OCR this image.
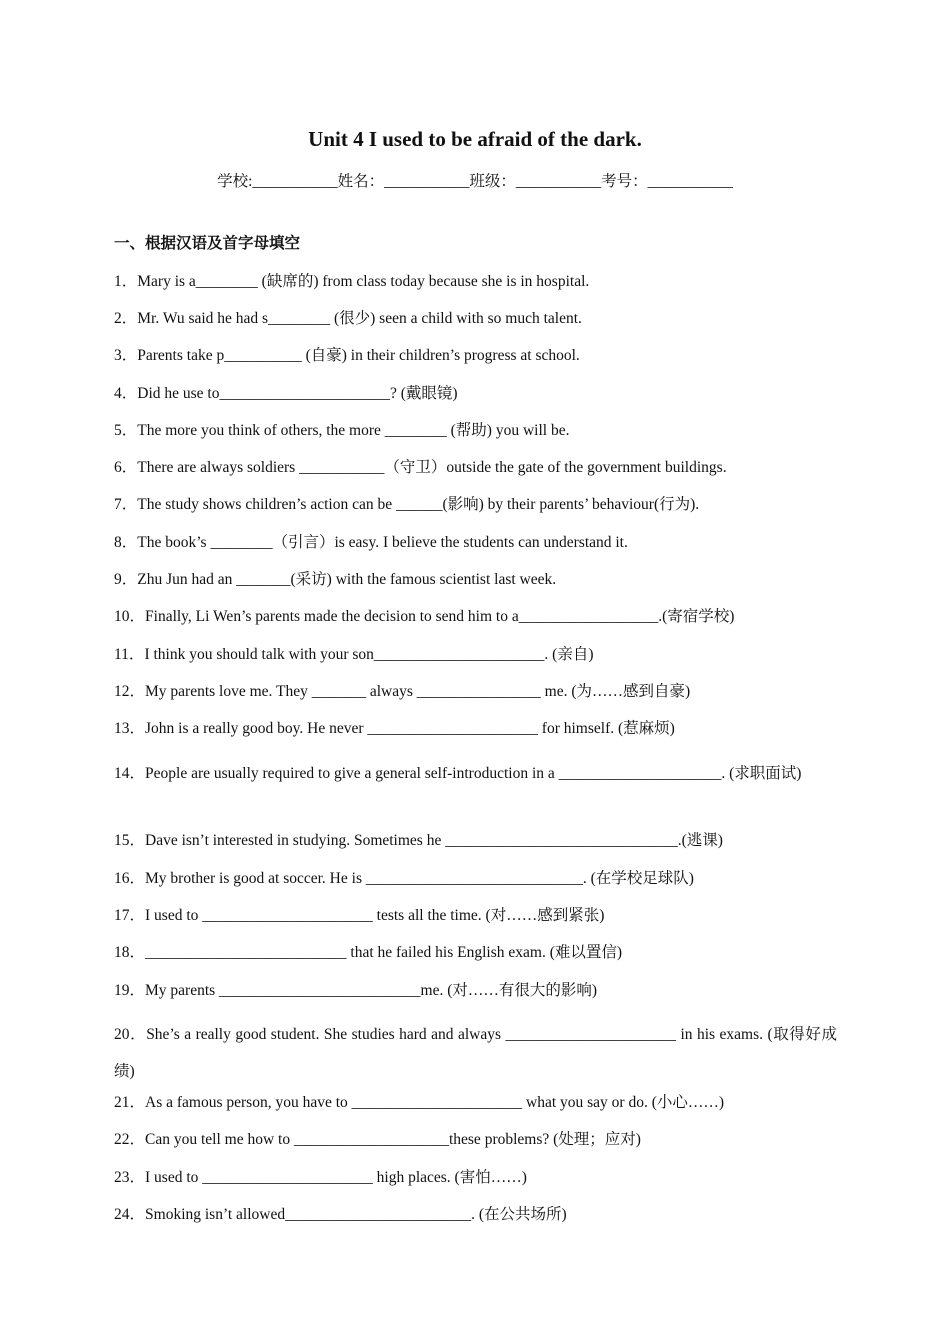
Unit 4 I used to be afraid of the dark.
学校:___________姓名：___________班级：___________考号：___________
一、根据汉语及首字母填空
1．Mary is a________ (缺席的) from class today because she is in hospital.
2．Mr. Wu said he had s________ (很少) seen a child with so much talent.
3．Parents take p__________ (自豪) in their children’s progress at school.
4．Did he use to______________________? (戴眼镜)
5．The more you think of others, the more ________ (帮助) you will be.
6．There are always soldiers ___________（守卫）outside the gate of the government buildings.
7．The study shows children’s action can be ______(影响) by their parents’ behaviour(行为).
8．The book’s ________（引言）is easy. I believe the students can understand it.
9．Zhu Jun had an _______(采访) with the famous scientist last week.
10．Finally, Li Wen’s parents made the decision to send him to a__________________.(寄宿学校)
11．I think you should talk with your son______________________. (亲自)
12．My parents love me. They _______ always ________________ me. (为……感到自豪)
13．John is a really good boy. He never ______________________ for himself. (惹麻烦)
14．People are usually required to give a general self-introduction in a _____________________. (求职面试)
15．Dave isn’t interested in studying. Sometimes he ______________________________.(逃课)
16．My brother is good at soccer. He is ____________________________. (在学校足球队)
17．I used to ______________________ tests all the time. (对……感到紧张)
18．__________________________ that he failed his English exam. (难以置信)
19．My parents __________________________me. (对……有很大的影响)
20．She’s a really good student. She studies hard and always ______________________ in his exams. (取得好成绩)
21．As a famous person, you have to ______________________ what you say or do. (小心……)
22．Can you tell me how to ____________________these problems? (处理；应对)
23．I used to ______________________ high places. (害怕……)
24．Smoking isn’t allowed________________________. (在公共场所)
